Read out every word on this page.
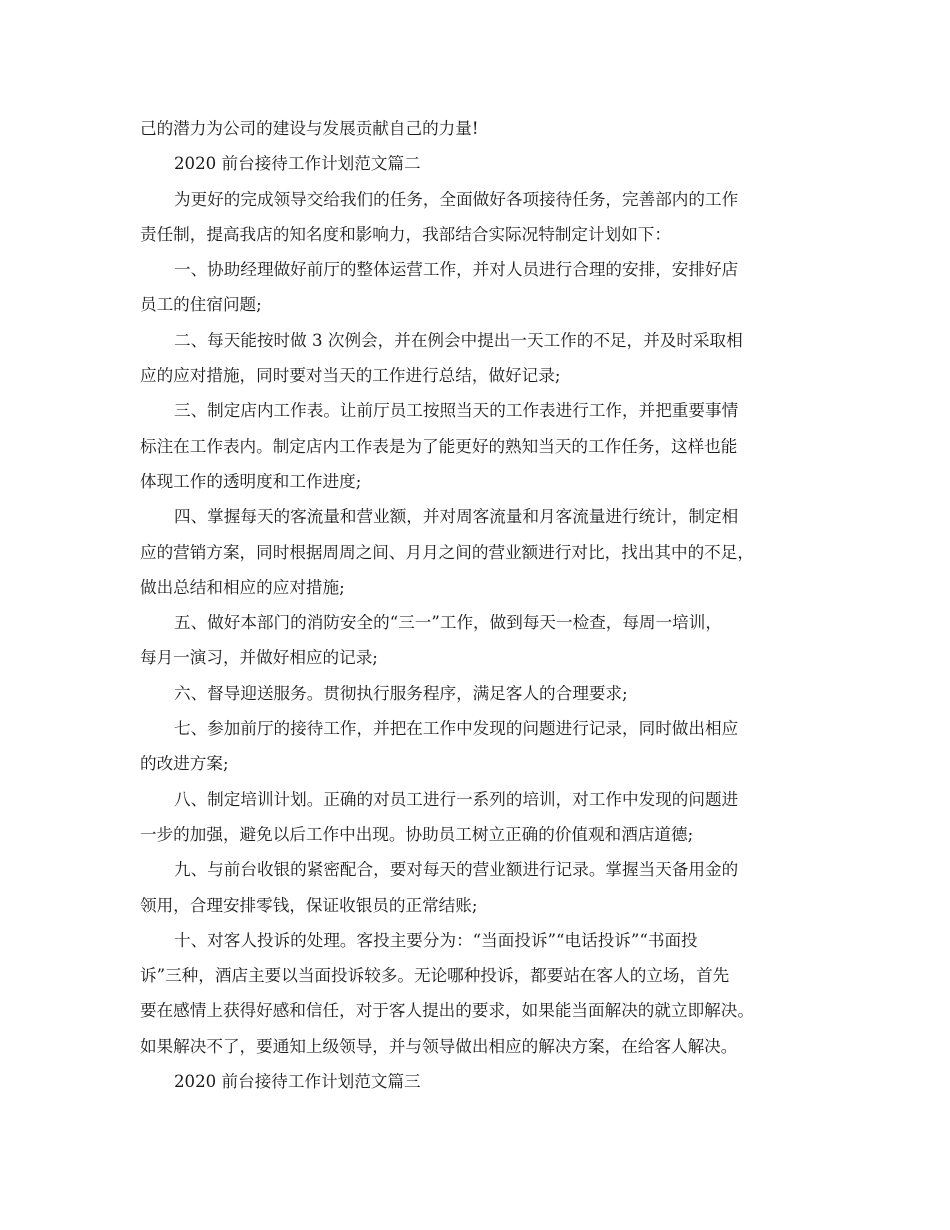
己的潜力为公司的建设与发展贡献自己的力量!
2020 前台接待工作计划范文篇二
为更好的完成领导交给我们的任务，全面做好各项接待任务，完善部内的工作
责任制，提高我店的知名度和影响力，我部结合实际况特制定计划如下：
一、协助经理做好前厅的整体运营工作，并对人员进行合理的安排，安排好店
员工的住宿问题;
二、每天能按时做 3 次例会，并在例会中提出一天工作的不足，并及时采取相
应的应对措施，同时要对当天的工作进行总结，做好记录;
三、制定店内工作表。让前厅员工按照当天的工作表进行工作，并把重要事情
标注在工作表内。制定店内工作表是为了能更好的熟知当天的工作任务，这样也能
体现工作的透明度和工作进度;
四、掌握每天的客流量和营业额，并对周客流量和月客流量进行统计，制定相
应的营销方案，同时根据周周之间、月月之间的营业额进行对比，找出其中的不足，
做出总结和相应的应对措施;
五、做好本部门的消防安全的“三一”工作，做到每天一检查，每周一培训，
每月一演习，并做好相应的记录;
六、督导迎送服务。贯彻执行服务程序，满足客人的合理要求;
七、参加前厅的接待工作，并把在工作中发现的问题进行记录，同时做出相应
的改进方案;
八、制定培训计划。正确的对员工进行一系列的培训，对工作中发现的问题进
一步的加强，避免以后工作中出现。协助员工树立正确的价值观和酒店道德;
九、与前台收银的紧密配合，要对每天的营业额进行记录。掌握当天备用金的
领用，合理安排零钱，保证收银员的正常结账;
十、对客人投诉的处理。客投主要分为：“当面投诉”“电话投诉”“书面投
诉”三种，酒店主要以当面投诉较多。无论哪种投诉，都要站在客人的立场，首先
要在感情上获得好感和信任，对于客人提出的要求，如果能当面解决的就立即解决。
如果解决不了，要通知上级领导，并与领导做出相应的解决方案，在给客人解决。
2020 前台接待工作计划范文篇三
